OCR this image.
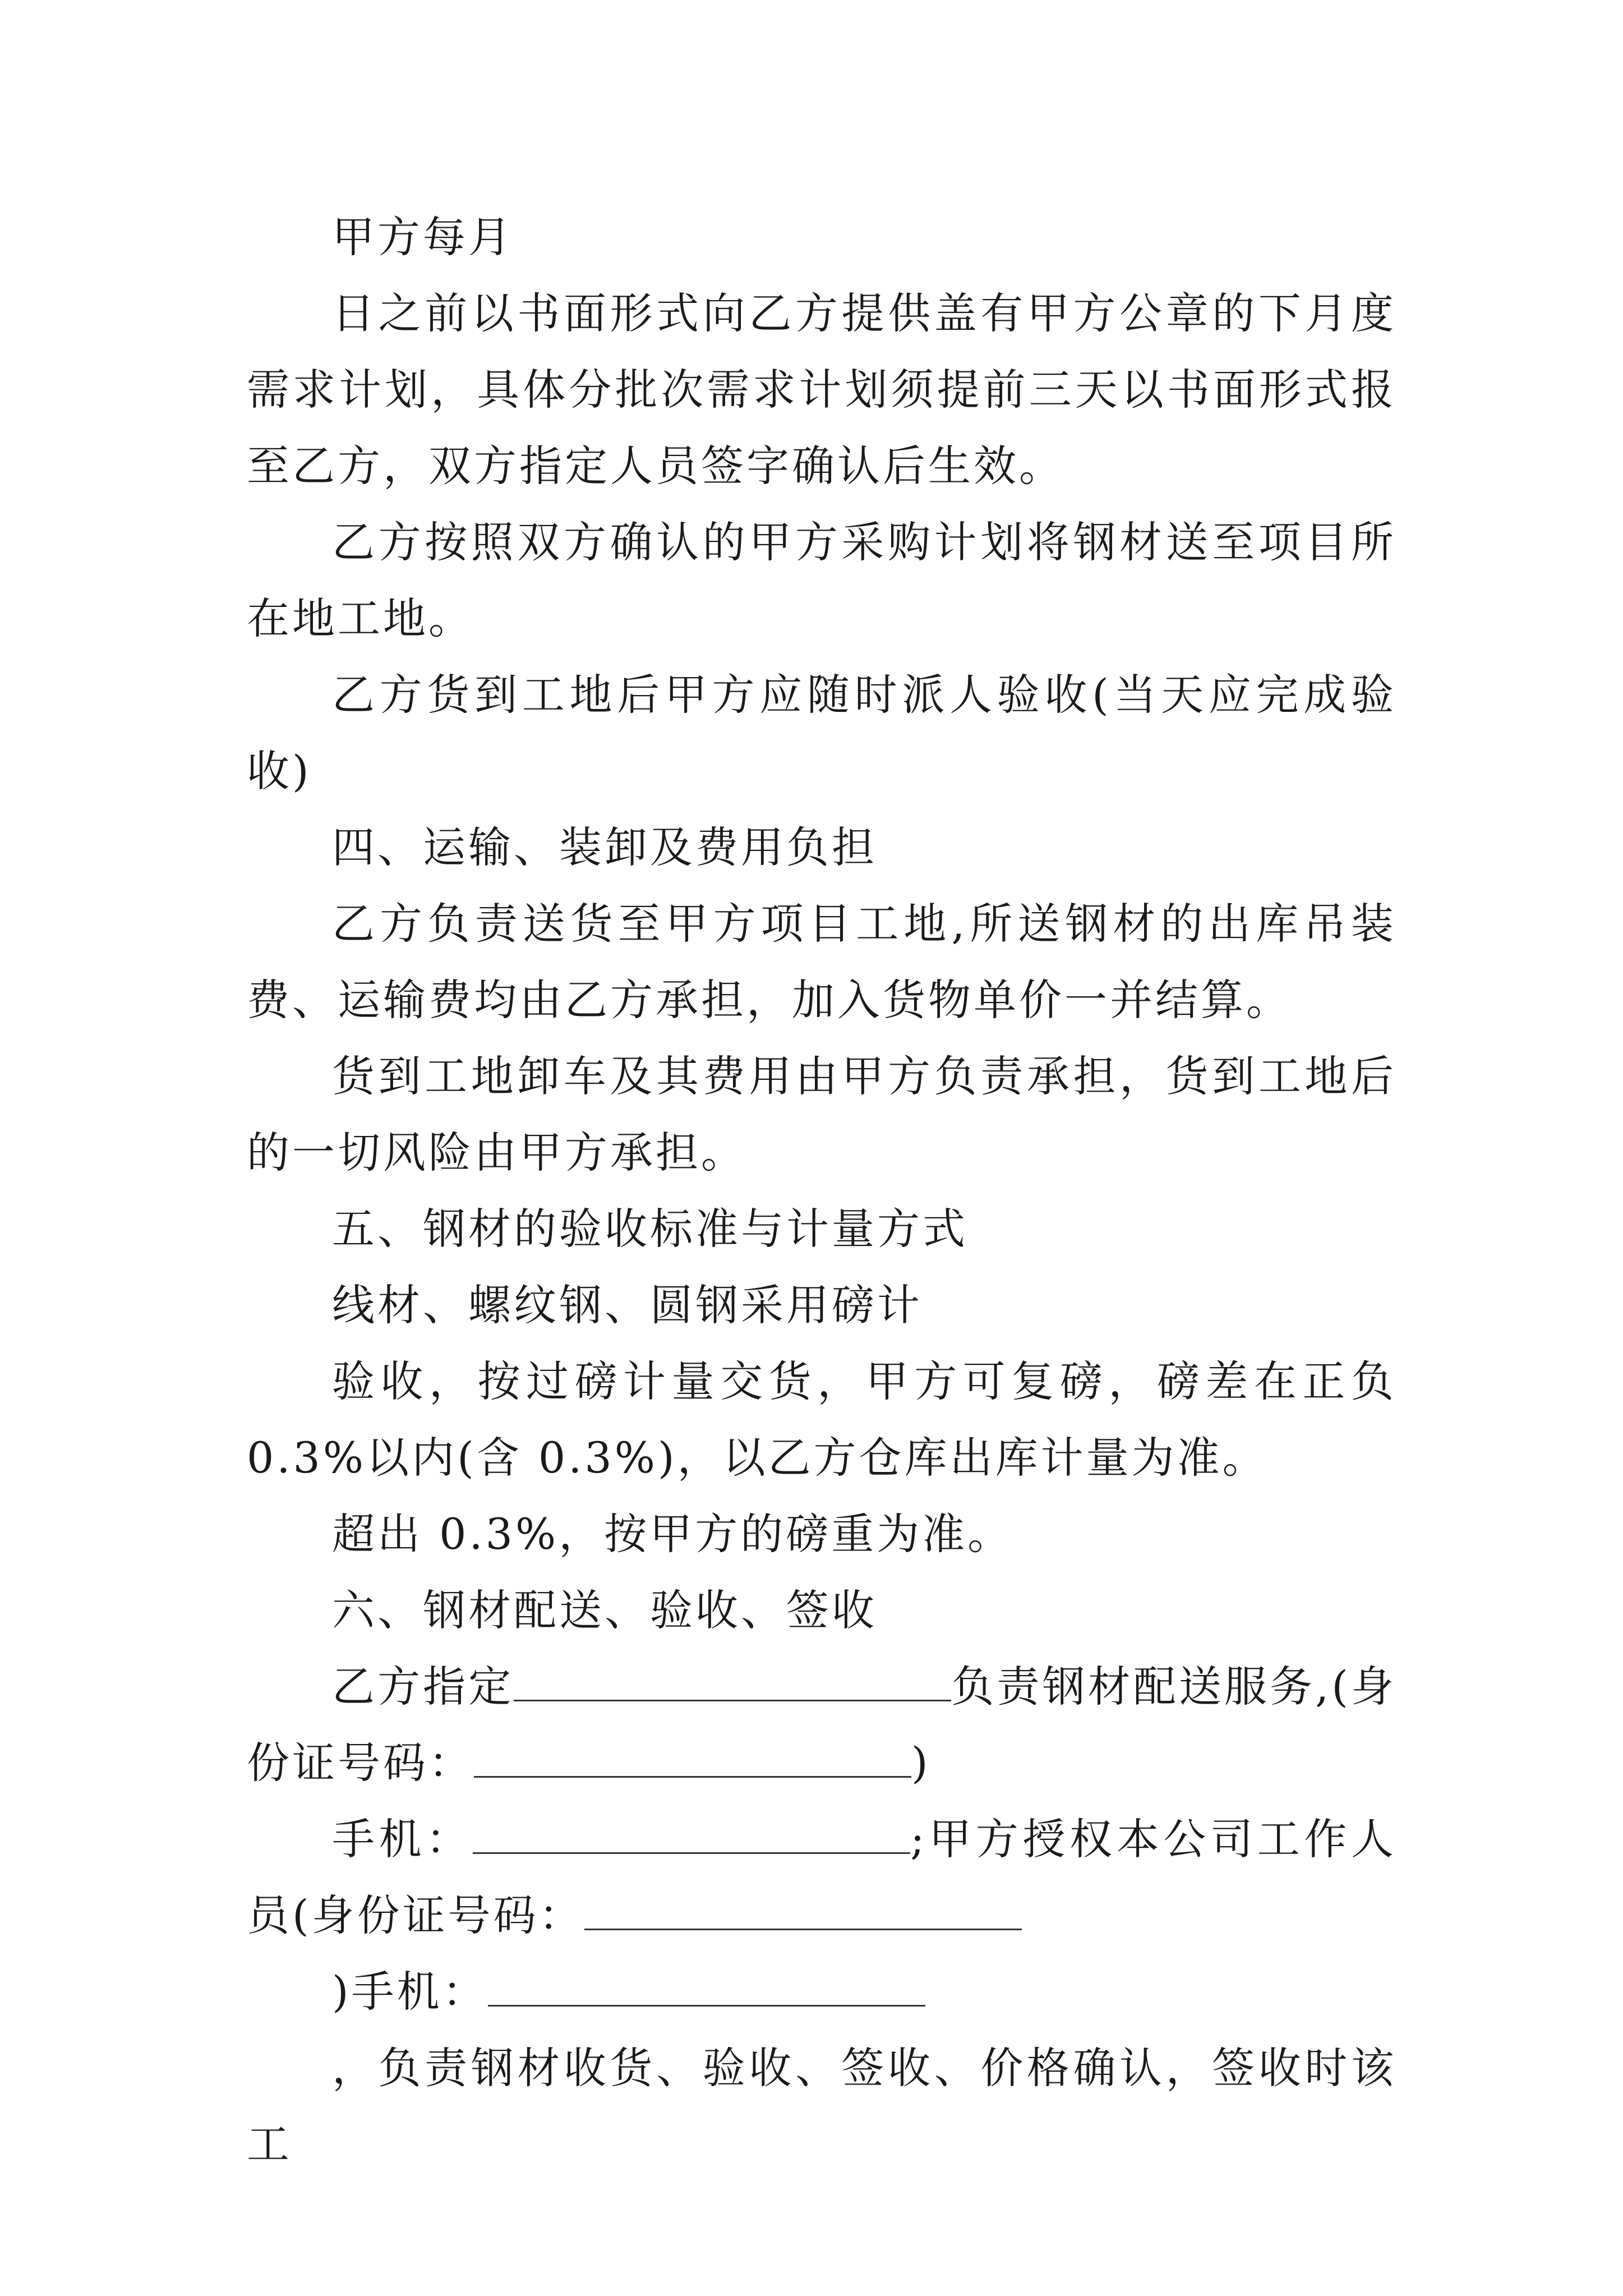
甲方每月

日之前以书面形式向乙方提供盖有甲方公章的下月度需求计划，具体分批次需求计划须提前三天以书面形式报至乙方，双方指定人员签字确认后生效。

乙方按照双方确认的甲方采购计划将钢材送至项目所在地工地。

乙方货到工地后甲方应随时派人验收(当天应完成验收)

四、运输、装卸及费用负担

乙方负责送货至甲方项目工地,所送钢材的出库吊装费、运输费均由乙方承担，加入货物单价一并结算。

货到工地卸车及其费用由甲方负责承担，货到工地后的一切风险由甲方承担。

五、钢材的验收标准与计量方式

线材、螺纹钢、圆钢采用磅计

验收，按过磅计量交货，甲方可复磅，磅差在正负 0.3%以内(含 0.3%)，以乙方仓库出库计量为准。

超出 0.3%，按甲方的磅重为准。

六、钢材配送、验收、签收

乙方指定	负责钢材配送服务,(身份证号码：	)

手机：	;甲方授权本公司工作人员(身份证号码：

)手机：

，负责钢材收货、验收、签收、价格确认，签收时该工
